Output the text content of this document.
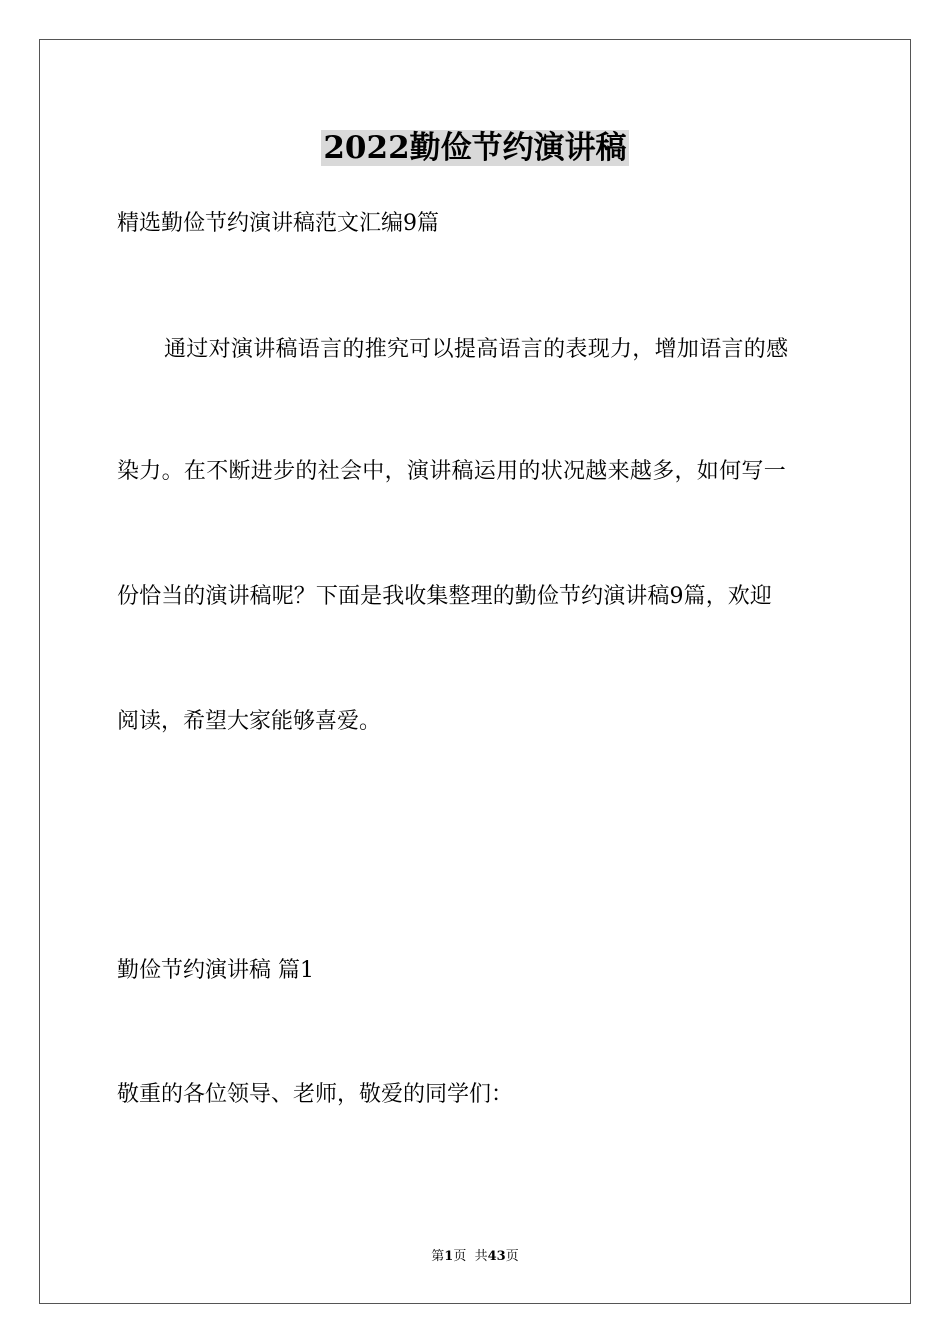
2022勤俭节约演讲稿
精选勤俭节约演讲稿范文汇编9篇
通过对演讲稿语言的推究可以提高语言的表现力，增加语言的感
染力。在不断进步的社会中，演讲稿运用的状况越来越多，如何写一
份恰当的演讲稿呢？下面是我收集整理的勤俭节约演讲稿9篇，欢迎
阅读，希望大家能够喜爱。
勤俭节约演讲稿 篇1
敬重的各位领导、老师，敬爱的同学们：
第1页 共43页
